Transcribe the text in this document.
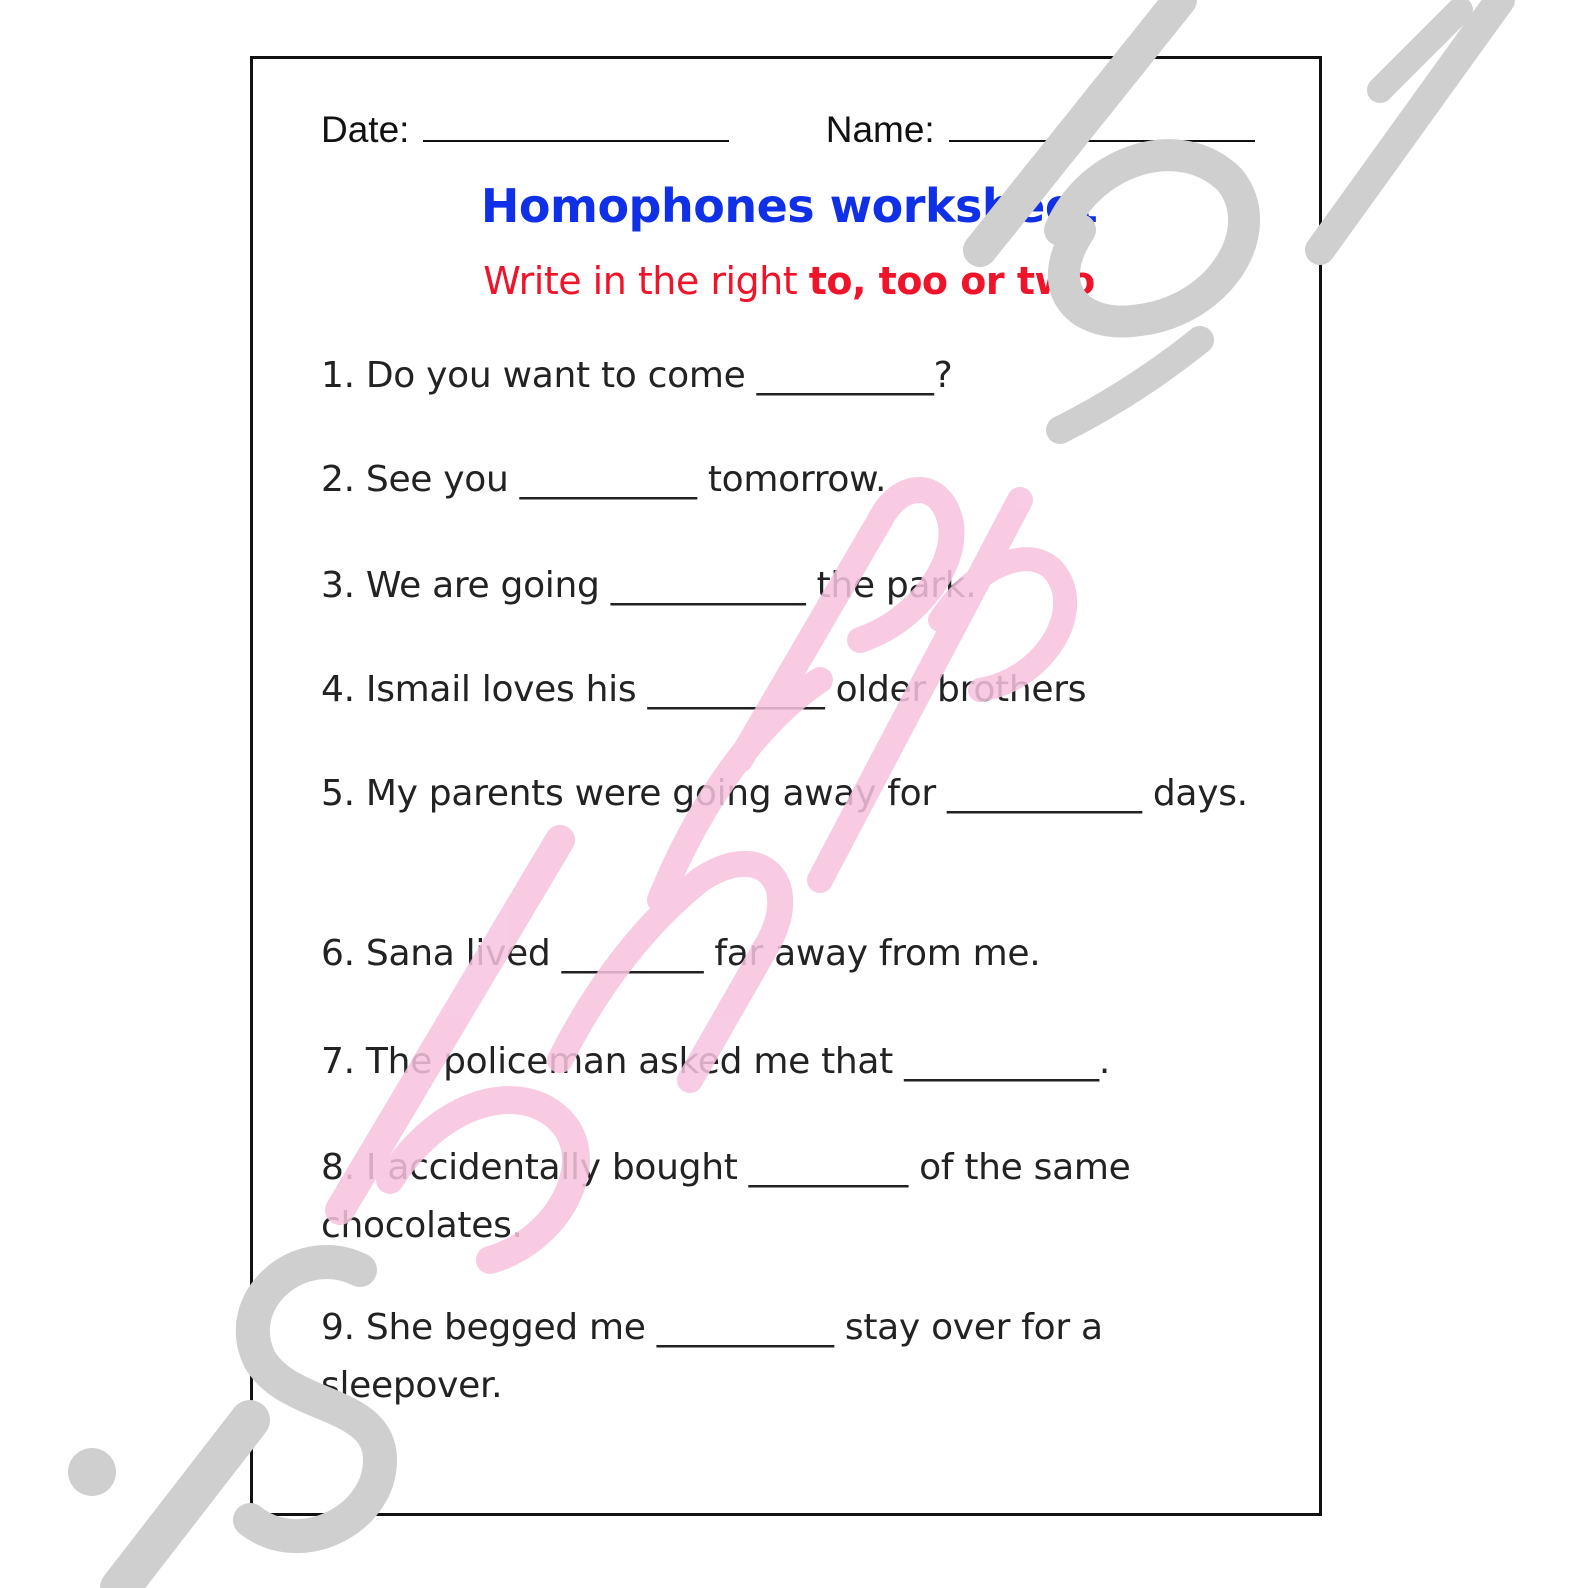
Date:	Name:
Homophones worksheet
Write in the right to, too or two
1. Do you want to come __________?
2. See you __________ tomorrow.
3. We are going ___________ the park.
4. Ismail loves his __________ older brothers
5. My parents were going away for ___________ days.
6. Sana lived ________ far away from me.
7. The policeman asked me that ___________.
8. I accidentally bought _________ of the same chocolates.
9. She begged me __________ stay over for a sleepover.
